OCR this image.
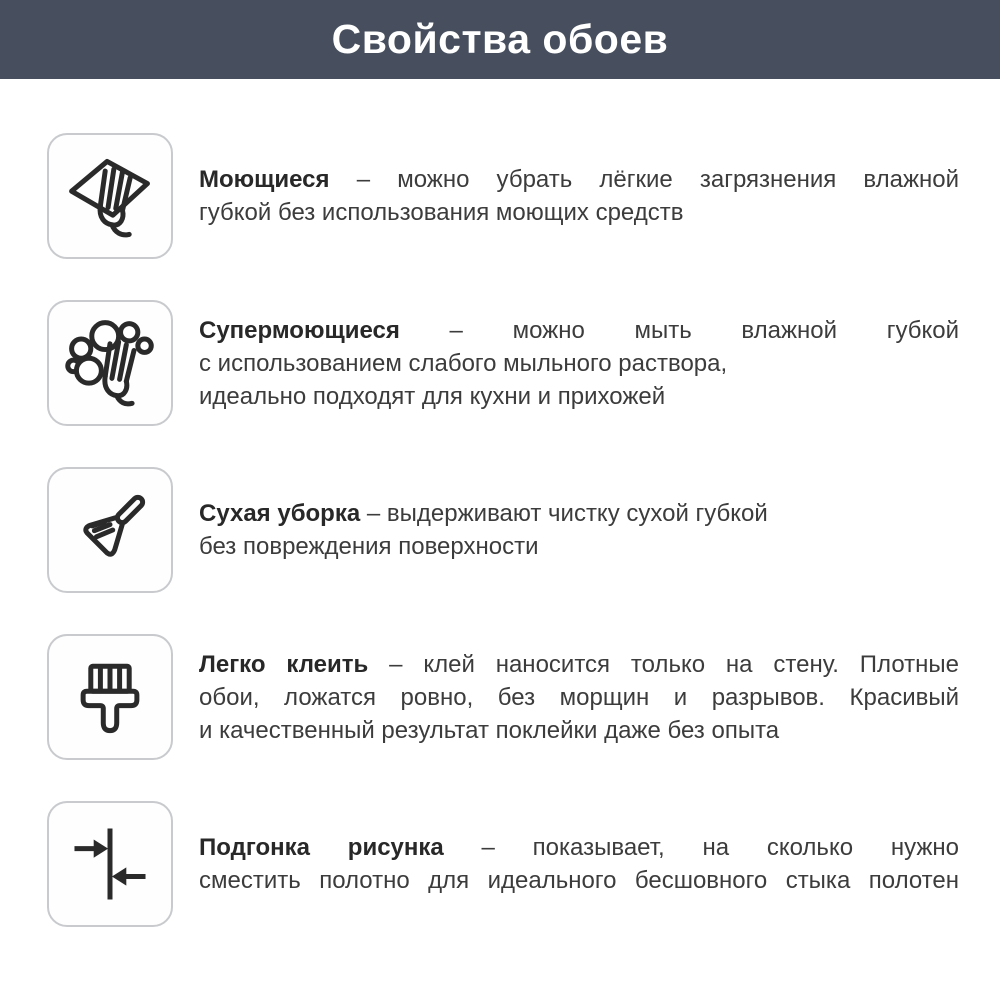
Свойства обоев
Моющиеся – можно убрать лёгкие загрязнения влажной
губкой без использования моющих средств
Супермоющиеся – можно мыть влажной губкой
с использованием слабого мыльного раствора,
идеально подходят для кухни и прихожей
Сухая уборка – выдерживают чистку сухой губкой
без повреждения поверхности
Легко клеить – клей наносится только на стену. Плотные
обои, ложатся ровно, без морщин и разрывов. Красивый
и качественный результат поклейки даже без опыта
Подгонка рисунка – показывает, на сколько нужно
сместить полотно для идеального бесшовного стыка полотен
